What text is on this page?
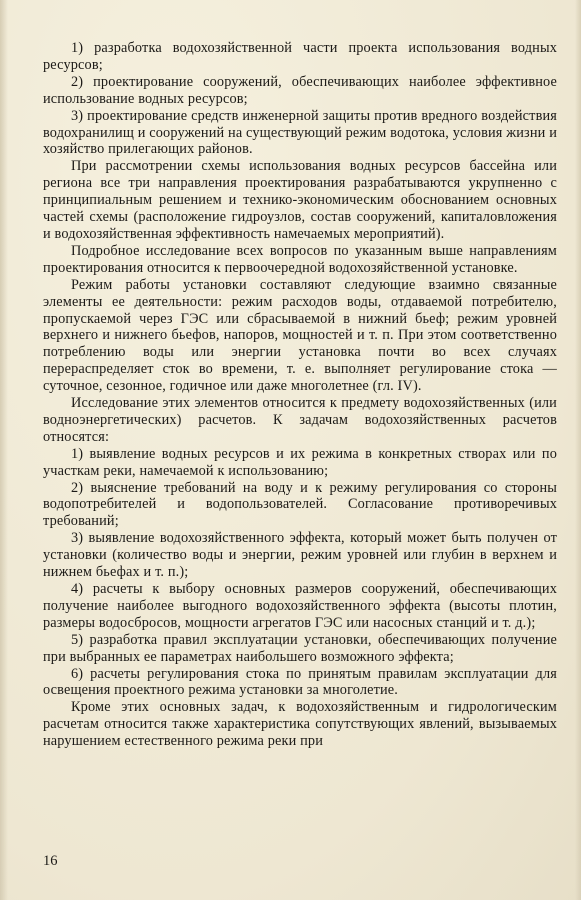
1) разработка водохозяйственной части проекта использования водных ресурсов;

2) проектирование сооружений, обеспечивающих наиболее эффективное использование водных ресурсов;

3) проектирование средств инженерной защиты против вредного воздействия водохранилищ и сооружений на существующий режим водотока, условия жизни и хозяйство прилегающих районов.

При рассмотрении схемы использования водных ресурсов бассейна или региона все три направления проектирования разрабатываются укрупненно с принципиальным решением и технико-экономическим обоснованием основных частей схемы (расположение гидроузлов, состав сооружений, капиталовложения и водохозяйственная эффективность намечаемых мероприятий).

Подробное исследование всех вопросов по указанным выше направлениям проектирования относится к первоочередной водохозяйственной установке.

Режим работы установки составляют следующие взаимно связанные элементы ее деятельности: режим расходов воды, отдаваемой потребителю, пропускаемой через ГЭС или сбрасываемой в нижний бьеф; режим уровней верхнего и нижнего бьефов, напоров, мощностей и т. п. При этом соответственно потреблению воды или энергии установка почти во всех случаях перераспределяет сток во времени, т. е. выполняет регулирование стока — суточное, сезонное, годичное или даже многолетнее (гл. IV).

Исследование этих элементов относится к предмету водохозяйственных (или водноэнергетических) расчетов. К задачам водохозяйственных расчетов относятся:

1) выявление водных ресурсов и их режима в конкретных створах или по участкам реки, намечаемой к использованию;

2) выяснение требований на воду и к режиму регулирования со стороны водопотребителей и водопользователей. Согласование противоречивых требований;

3) выявление водохозяйственного эффекта, который может быть получен от установки (количество воды и энергии, режим уровней или глубин в верхнем и нижнем бьефах и т. п.);

4) расчеты к выбору основных размеров сооружений, обеспечивающих получение наиболее выгодного водохозяйственного эффекта (высоты плотин, размеры водосбросов, мощности агрегатов ГЭС или насосных станций и т. д.);

5) разработка правил эксплуатации установки, обеспечивающих получение при выбранных ее параметрах наибольшего возможного эффекта;

6) расчеты регулирования стока по принятым правилам эксплуатации для освещения проектного режима установки за многолетие.

Кроме этих основных задач, к водохозяйственным и гидрологическим расчетам относится также характеристика сопутствующих явлений, вызываемых нарушением естественного режима реки при

16
